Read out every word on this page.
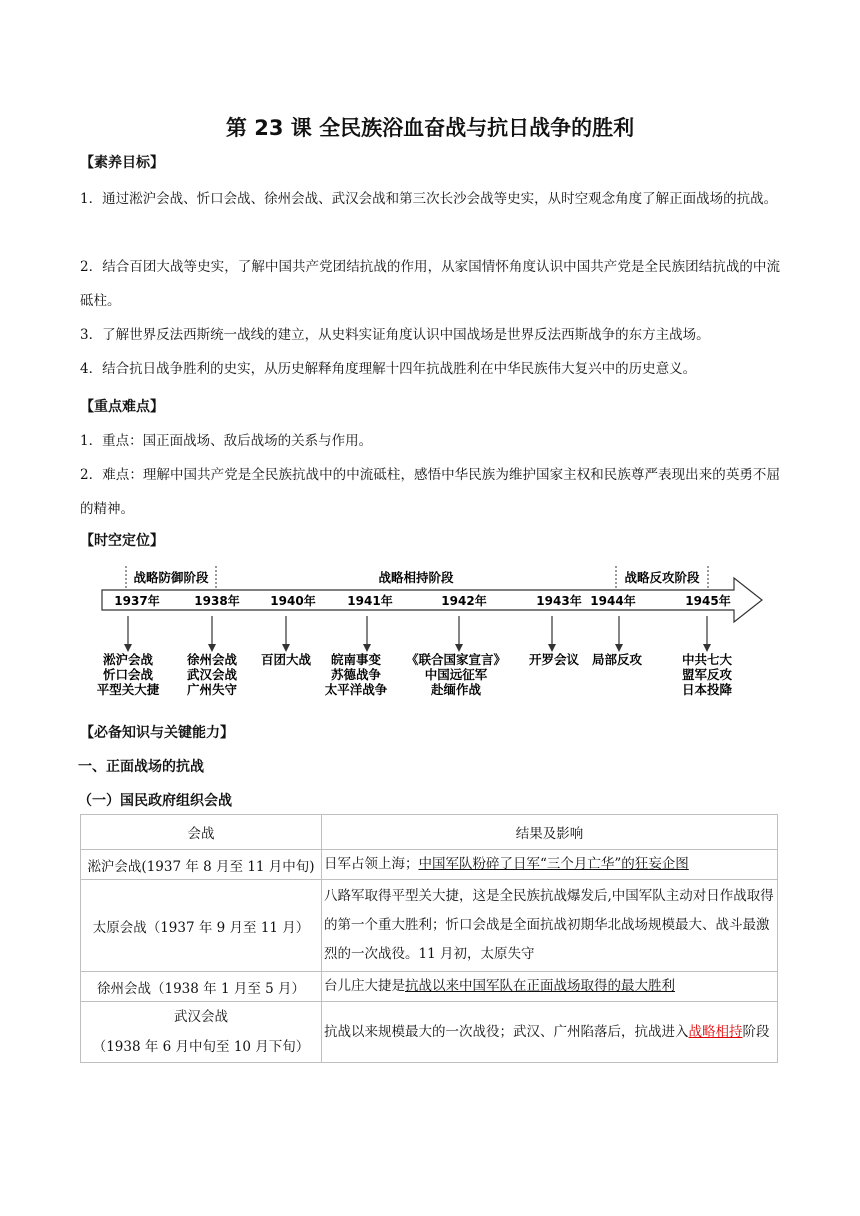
第 23 课 全民族浴血奋战与抗日战争的胜利
【素养目标】
1．通过淞沪会战、忻口会战、徐州会战、武汉会战和第三次长沙会战等史实，从时空观念角度了解正面战场的抗战。
2．结合百团大战等史实，了解中国共产党团结抗战的作用，从家国情怀角度认识中国共产党是全民族团结抗战的中流砥柱。
3．了解世界反法西斯统一战线的建立，从史料实证角度认识中国战场是世界反法西斯战争的东方主战场。
4．结合抗日战争胜利的史实，从历史解释角度理解十四年抗战胜利在中华民族伟大复兴中的历史意义。
【重点难点】
1．重点：国正面战场、敌后战场的关系与作用。
2．难点：理解中国共产党是全民族抗战中的中流砥柱，感悟中华民族为维护国家主权和民族尊严表现出来的英勇不屈的精神。
【时空定位】
战略防御阶段	战略相持阶段	战略反攻阶段
1937年	1938年	1940年	1941年	1942年	1943年 1944年	1945年
淞沪会战
忻口会战
平型关大捷
徐州会战
武汉会战
广州失守
百团大战 皖南事变
苏德战争
太平洋战争
《联合国家宣言》
中国远征军
赴缅作战
开罗会议 局部反攻	中共七大
盟军反攻
日本投降
【必备知识与关键能力】
一、正面战场的抗战
（一）国民政府组织会战
会战	结果及影响
淞沪会战(1937 年 8 月至 11 月中旬)	日军占领上海；中国军队粉碎了日军“三个月亡华”的狂妄企图
太原会战（1937 年 9 月至 11 月）	八路军取得平型关大捷，这是全民族抗战爆发后,中国军队主动对日作战取得的第一个重大胜利；忻口会战是全面抗战初期华北战场规模最大、战斗最激烈的一次战役。11 月初，太原失守
徐州会战（1938 年 1 月至 5 月）	台儿庄大捷是抗战以来中国军队在正面战场取得的最大胜利

武汉会战
（1938 年 6 月中旬至 10 月下旬）	抗战以来规模最大的一次战役；武汉、广州陷落后，抗战进入战略相持阶段
